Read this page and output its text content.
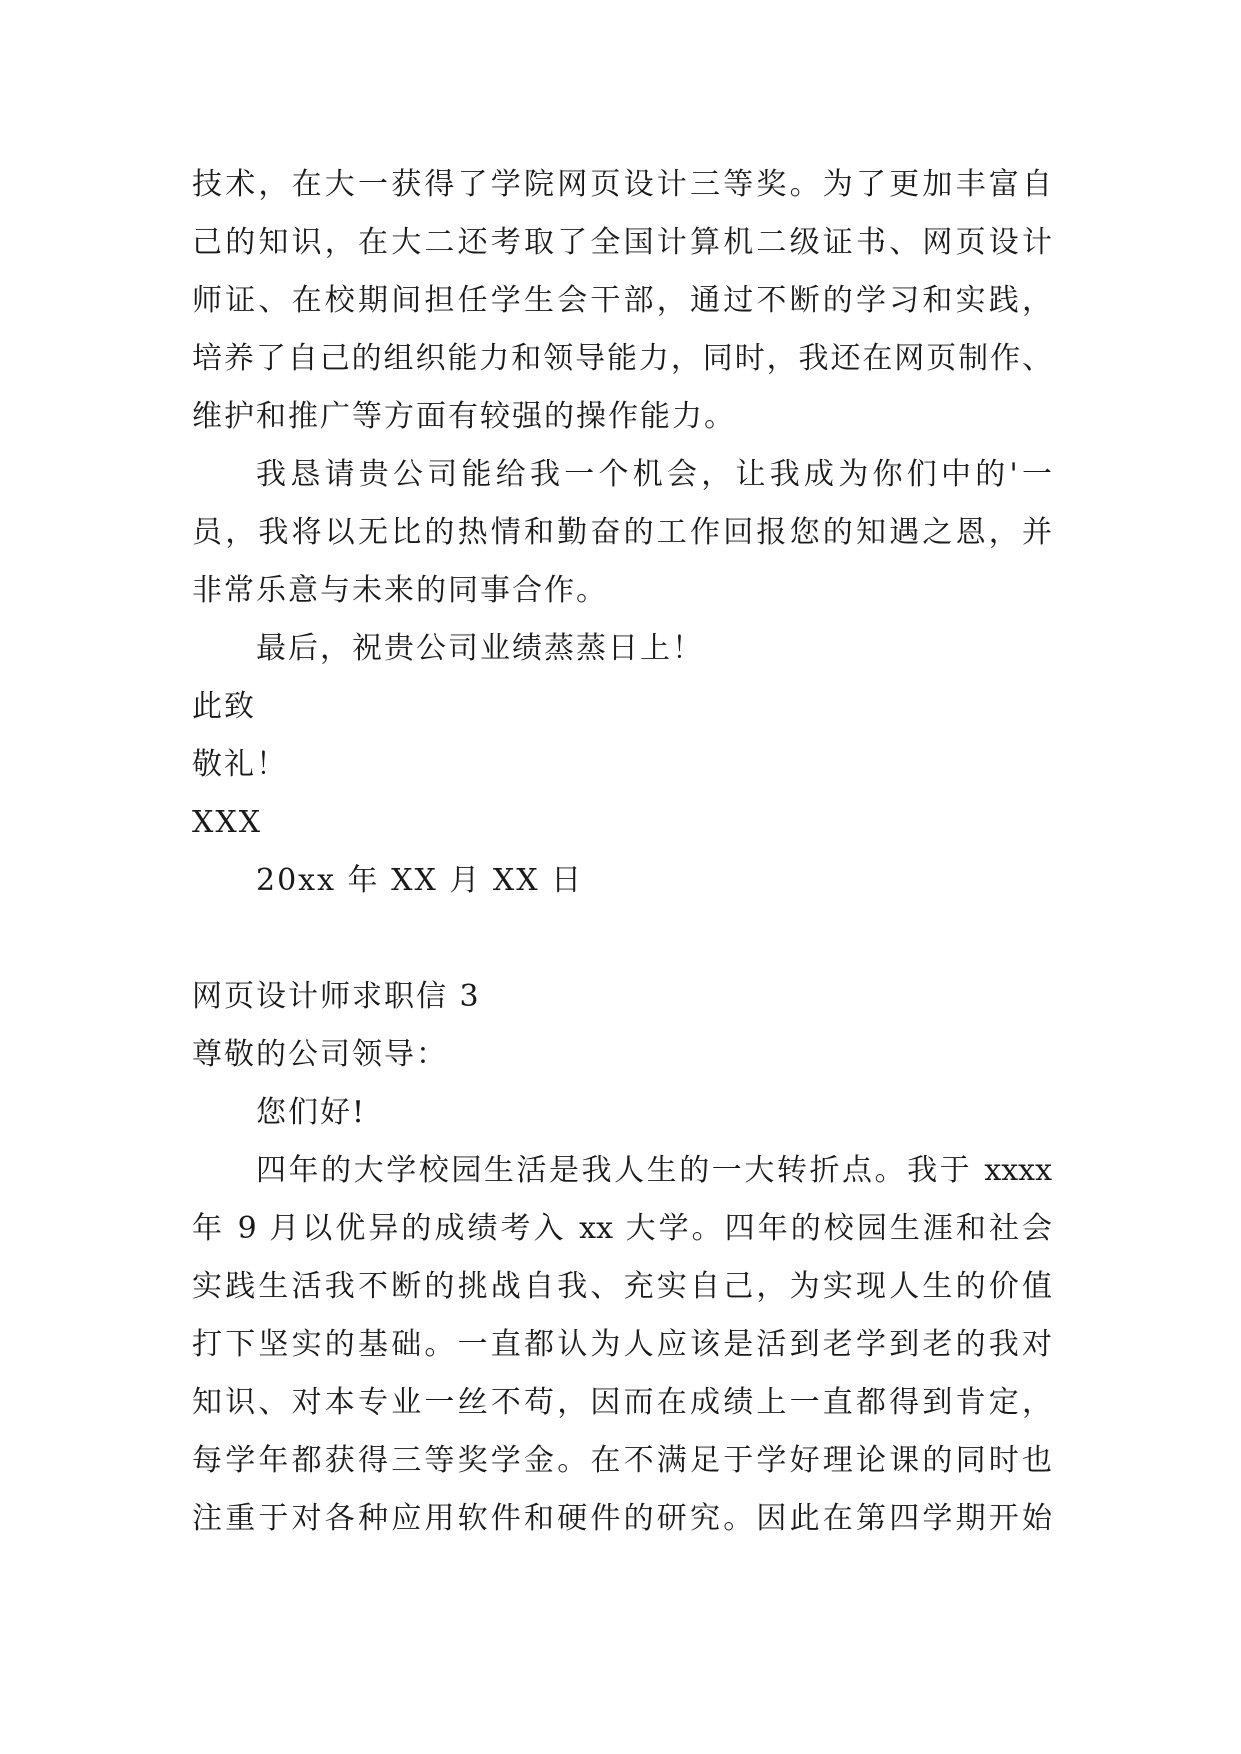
技术，在大一获得了学院网页设计三等奖。为了更加丰富自
己的知识，在大二还考取了全国计算机二级证书、网页设计
师证、在校期间担任学生会干部，通过不断的学习和实践，
培养了自己的组织能力和领导能力，同时，我还在网页制作、
维护和推广等方面有较强的操作能力。
我恳请贵公司能给我一个机会，让我成为你们中的'一
员，我将以无比的热情和勤奋的工作回报您的知遇之恩，并
非常乐意与未来的同事合作。
最后，祝贵公司业绩蒸蒸日上！
此致
敬礼！
XXX
20xx 年 XX 月 XX 日
网页设计师求职信 3
尊敬的公司领导：
您们好!
四年的大学校园生活是我人生的一大转折点。我于 xxxx
年 9 月以优异的成绩考入 xx 大学。四年的校园生涯和社会
实践生活我不断的挑战自我、充实自己，为实现人生的价值
打下坚实的基础。一直都认为人应该是活到老学到老的我对
知识、对本专业一丝不苟，因而在成绩上一直都得到肯定，
每学年都获得三等奖学金。在不满足于学好理论课的同时也
注重于对各种应用软件和硬件的研究。因此在第四学期开始
